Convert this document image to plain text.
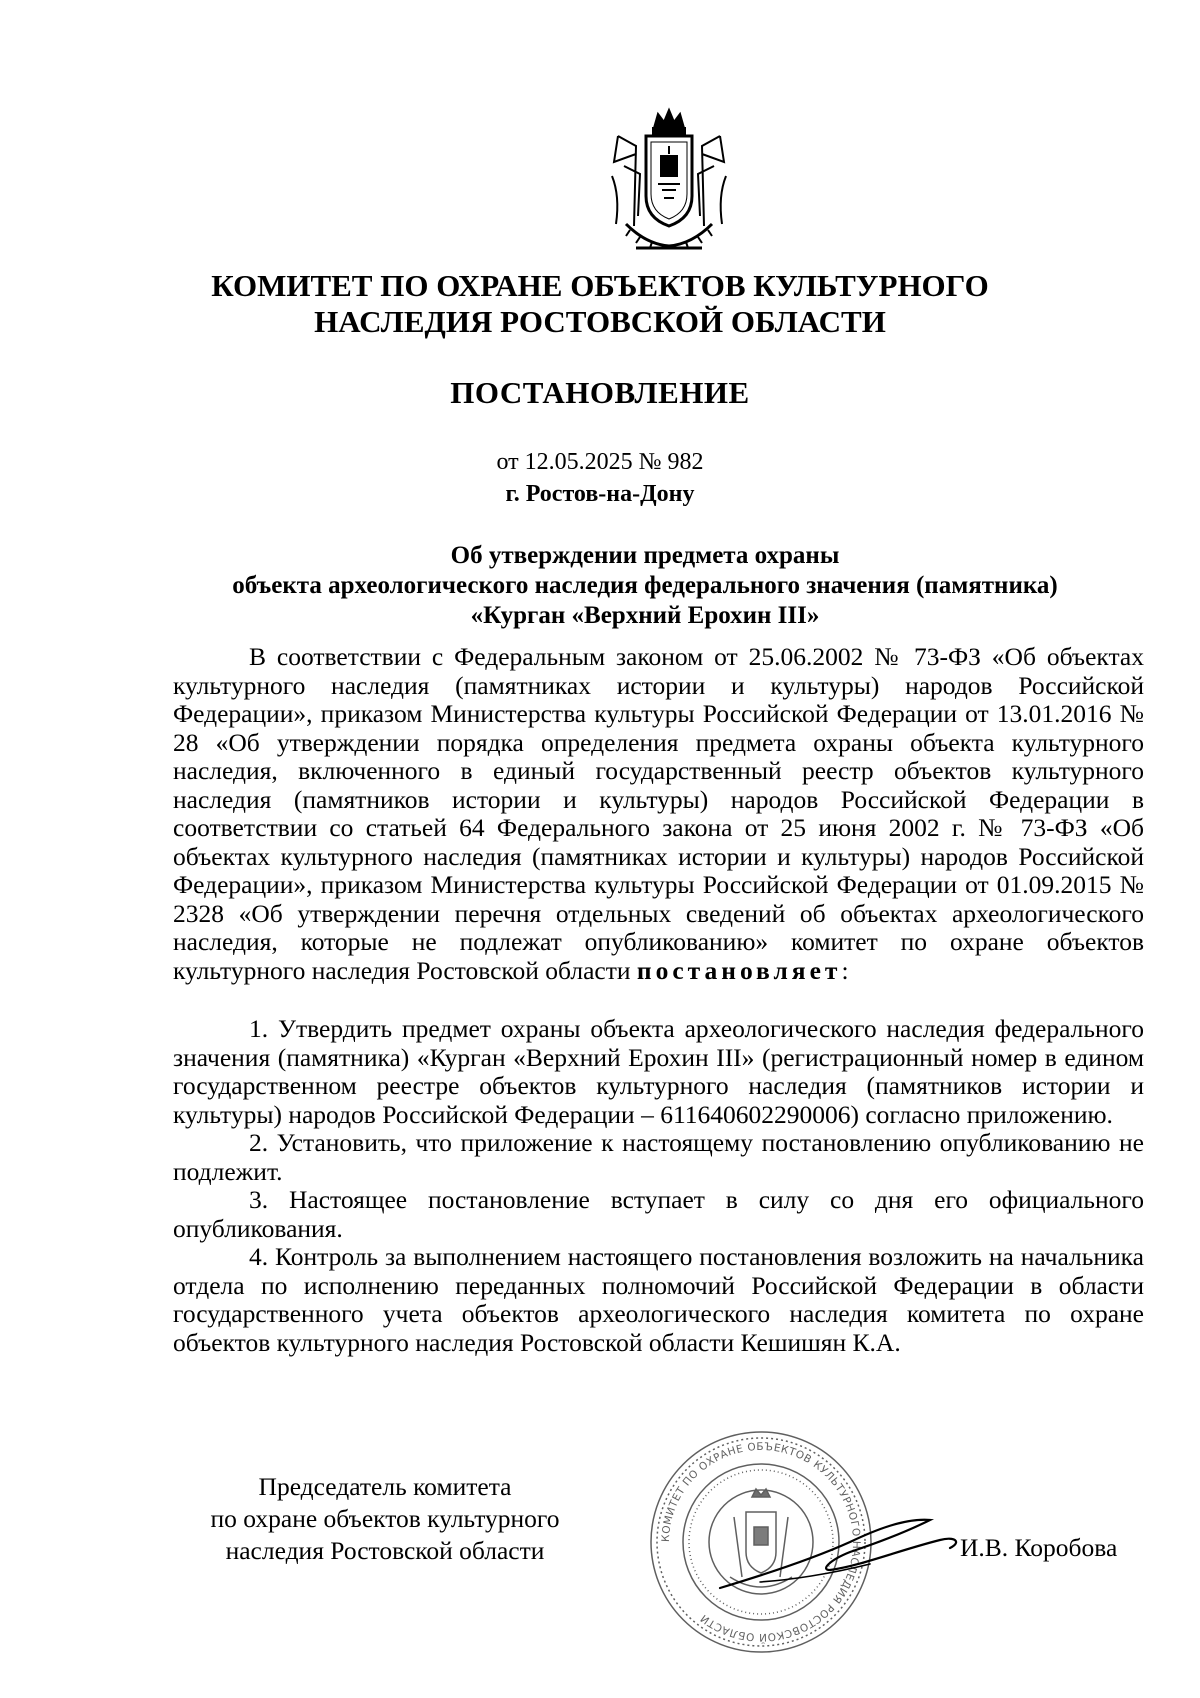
КОМИТЕТ ПО ОХРАНЕ ОБЪЕКТОВ КУЛЬТУРНОГО
НАСЛЕДИЯ РОСТОВСКОЙ ОБЛАСТИ
ПОСТАНОВЛЕНИЕ
от 12.05.2025 № 982
г. Ростов-на-Дону
Об утверждении предмета охраны
объекта археологического наследия федерального значения (памятника)
«Курган «Верхний Ерохин III»

В соответствии с Федеральным законом от 25.06.2002 № 73-ФЗ «Об объектах культурного наследия (памятниках истории и культуры) народов Российской Федерации», приказом Министерства культуры Российской Федерации от 13.01.2016 № 28 «Об утверждении порядка определения предмета охраны объекта культурного наследия, включенного в единый государственный реестр объектов культурного наследия (памятников истории и культуры) народов Российской Федерации в соответствии со статьей 64 Федерального закона от 25 июня 2002 г. № 73-ФЗ «Об объектах культурного наследия (памятниках истории и культуры) народов Российской Федерации», приказом Министерства культуры Российской Федерации от 01.09.2015 № 2328 «Об утверждении перечня отдельных сведений об объектах археологического наследия, которые не подлежат опубликованию» комитет по охране объектов культурного наследия Ростовской области постановляет:

1. Утвердить предмет охраны объекта археологического наследия федерального значения (памятника) «Курган «Верхний Ерохин III» (регистрационный номер в едином государственном реестре объектов культурного наследия (памятников истории и культуры) народов Российской Федерации – 611640602290006) согласно приложению.

2. Установить, что приложение к настоящему постановлению опубликованию не подлежит.

3. Настоящее постановление вступает в силу со дня его официального опубликования.

4. Контроль за выполнением настоящего постановления возложить на начальника отдела по исполнению переданных полномочий Российской Федерации в области государственного учета объектов археологического наследия комитета по охране объектов культурного наследия Ростовской области Кешишян К.А.

Председатель комитета
по охране объектов культурного
наследия Ростовской области	КОМИТЕТ ПО ОХРАНЕ ОБЪЕКТОВ КУЛЬТУРНОГО НАСЛЕДИЯ РОСТОВСКОЙ ОБЛАСТИ
И.В. Коробова
